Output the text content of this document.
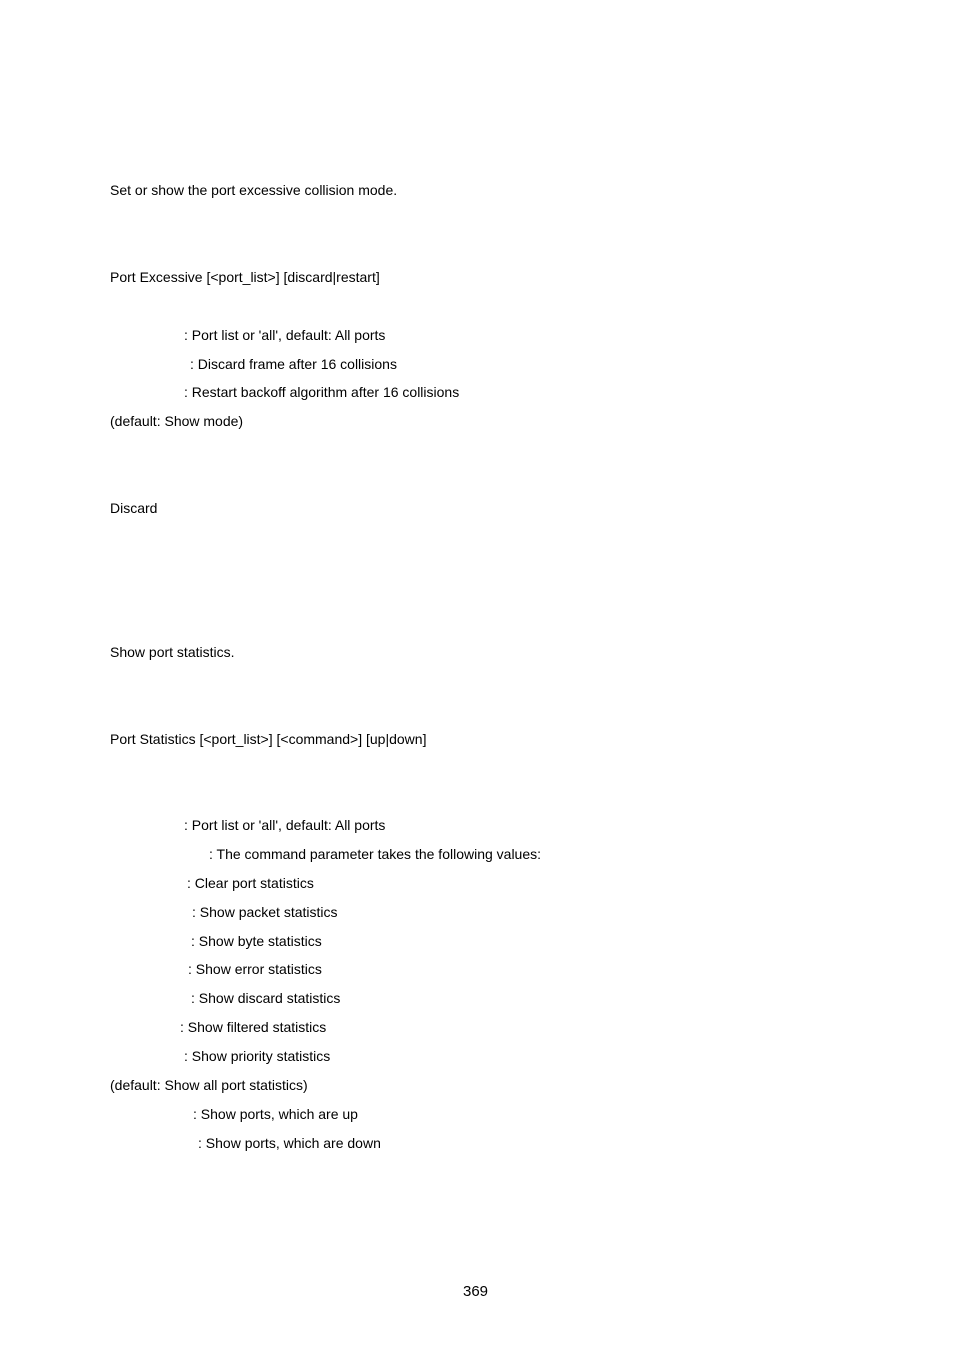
Set or show the port excessive collision mode.
Port Excessive [<port_list>] [discard|restart]
: Port list or 'all', default: All ports
: Discard frame after 16 collisions
: Restart backoff algorithm after 16 collisions
(default: Show mode)
Discard
Show port statistics.
Port Statistics [<port_list>] [<command>] [up|down]
: Port list or 'all', default: All ports
: The command parameter takes the following values:
: Clear port statistics
: Show packet statistics
: Show byte statistics
: Show error statistics
: Show discard statistics
: Show filtered statistics
: Show priority statistics
(default: Show all port statistics)
: Show ports, which are up
: Show ports, which are down
369
